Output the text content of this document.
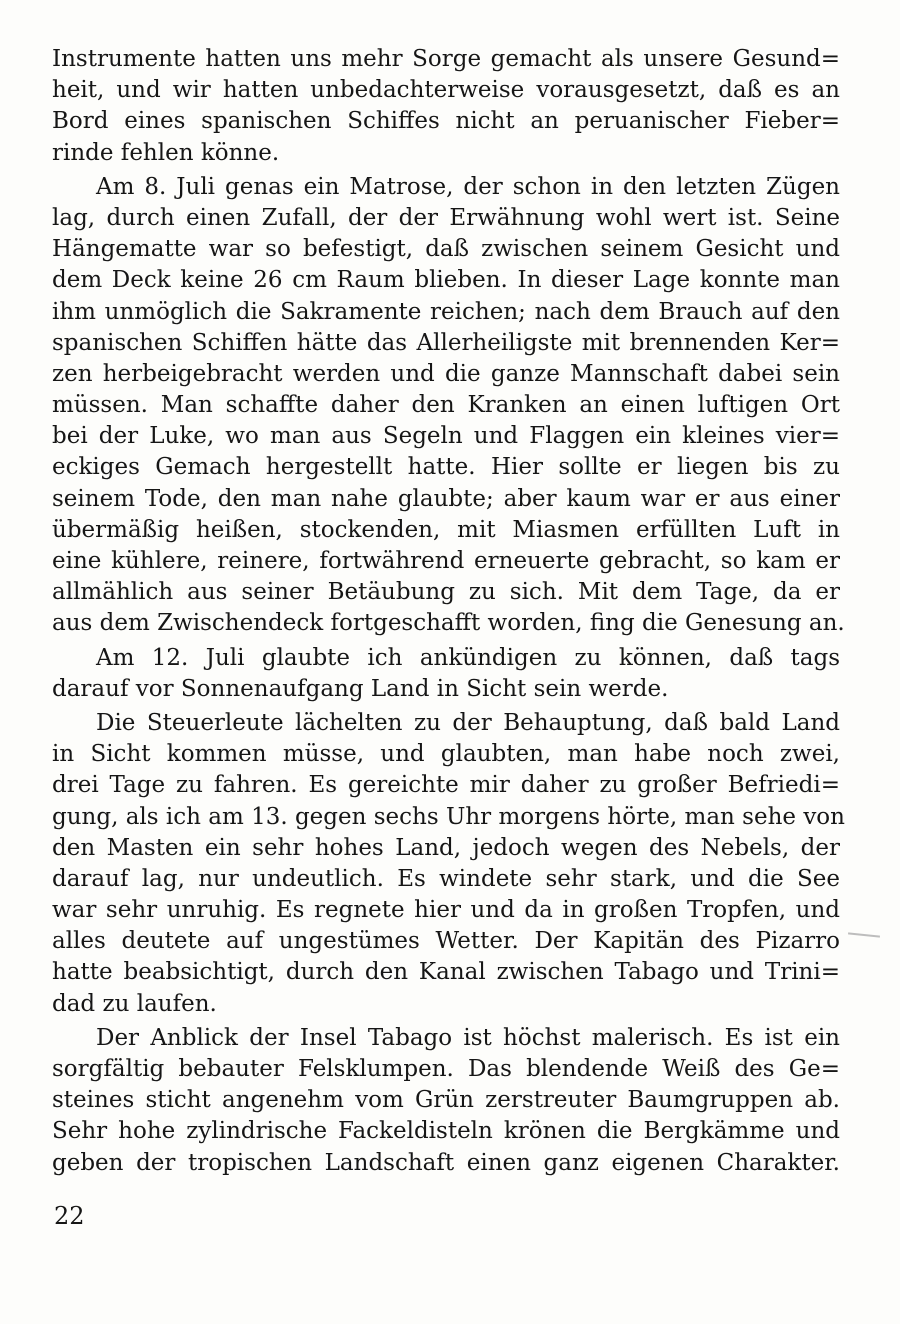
Instrumente hatten uns mehr Sorge gemacht als unsere Gesund=
heit, und wir hatten unbedachterweise vorausgesetzt, daß es an
Bord eines spanischen Schiffes nicht an peruanischer Fieber=
rinde fehlen könne.
Am 8. Juli genas ein Matrose, der schon in den letzten Zügen
lag, durch einen Zufall, der der Erwähnung wohl wert ist. Seine
Hängematte war so befestigt, daß zwischen seinem Gesicht und
dem Deck keine 26 cm Raum blieben. In dieser Lage konnte man
ihm unmöglich die Sakramente reichen; nach dem Brauch auf den
spanischen Schiffen hätte das Allerheiligste mit brennenden Ker=
zen herbeigebracht werden und die ganze Mannschaft dabei sein
müssen. Man schaffte daher den Kranken an einen luftigen Ort
bei der Luke, wo man aus Segeln und Flaggen ein kleines vier=
eckiges Gemach hergestellt hatte. Hier sollte er liegen bis zu
seinem Tode, den man nahe glaubte; aber kaum war er aus einer
übermäßig heißen, stockenden, mit Miasmen erfüllten Luft in
eine kühlere, reinere, fortwährend erneuerte gebracht, so kam er
allmählich aus seiner Betäubung zu sich. Mit dem Tage, da er
aus dem Zwischendeck fortgeschafft worden, fing die Genesung an.
Am 12. Juli glaubte ich ankündigen zu können, daß tags
darauf vor Sonnenaufgang Land in Sicht sein werde.
Die Steuerleute lächelten zu der Behauptung, daß bald Land
in Sicht kommen müsse, und glaubten, man habe noch zwei,
drei Tage zu fahren. Es gereichte mir daher zu großer Befriedi=
gung, als ich am 13. gegen sechs Uhr morgens hörte, man sehe von
den Masten ein sehr hohes Land, jedoch wegen des Nebels, der
darauf lag, nur undeutlich. Es windete sehr stark, und die See
war sehr unruhig. Es regnete hier und da in großen Tropfen, und
alles deutete auf ungestümes Wetter. Der Kapitän des Pizarro
hatte beabsichtigt, durch den Kanal zwischen Tabago und Trini=
dad zu laufen.
Der Anblick der Insel Tabago ist höchst malerisch. Es ist ein
sorgfältig bebauter Felsklumpen. Das blendende Weiß des Ge=
steines sticht angenehm vom Grün zerstreuter Baumgruppen ab.
Sehr hohe zylindrische Fackeldisteln krönen die Bergkämme und
geben der tropischen Landschaft einen ganz eigenen Charakter.
22
